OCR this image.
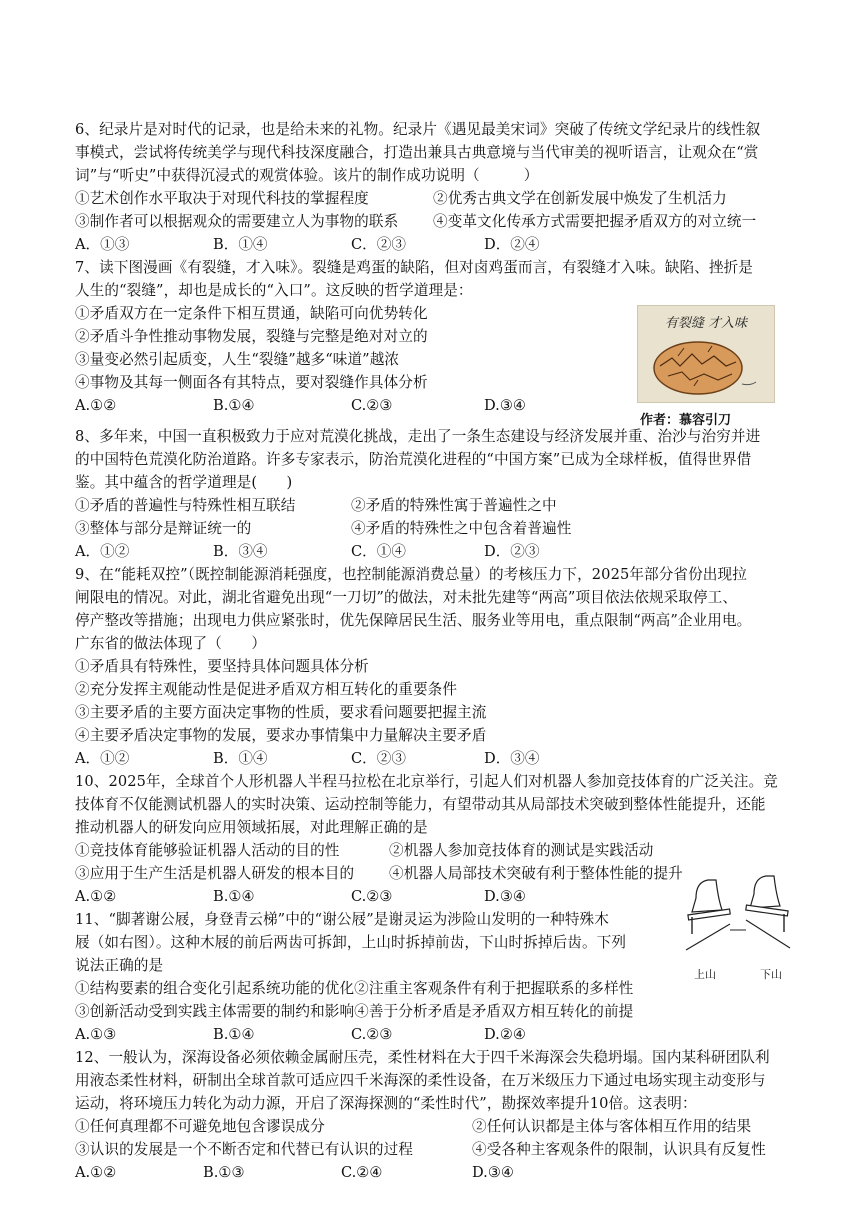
6、纪录片是对时代的记录，也是给未来的礼物。纪录片《遇见最美宋词》突破了传统文学纪录片的线性叙
事模式，尝试将传统美学与现代科技深度融合，打造出兼具古典意境与当代审美的视听语言，让观众在“赏
词”与“听史”中获得沉浸式的观赏体验。该片的制作成功说明（　　　）
①艺术创作水平取决于对现代科技的掌握程度	②优秀古典文学在创新发展中焕发了生机活力
③制作者可以根据观众的需要建立人为事物的联系 ④变革文化传承方式需要把握矛盾双方的对立统一
A．①③	B．①④	C．②③	D．②④
7、读下图漫画《有裂缝，才入味》。裂缝是鸡蛋的缺陷，但对卤鸡蛋而言，有裂缝才入味。缺陷、挫折是
人生的“裂缝”，却也是成长的“入口”。这反映的哲学道理是：
①矛盾双方在一定条件下相互贯通，缺陷可向优势转化
②矛盾斗争性推动事物发展，裂缝与完整是绝对对立的
③量变必然引起质变，人生“裂缝”越多“味道”越浓
④事物及其每一侧面各有其特点，要对裂缝作具体分析
A.①②	B.①④	C.②③	D.③④
有裂缝 才入味
作者：慕容引刀
8、多年来，中国一直积极致力于应对荒漠化挑战，走出了一条生态建设与经济发展并重、治沙与治穷并进
的中国特色荒漠化防治道路。许多专家表示，防治荒漠化进程的“中国方案”已成为全球样板，值得世界借
鉴。其中蕴含的哲学道理是(　　)
①矛盾的普遍性与特殊性相互联结	②矛盾的特殊性寓于普遍性之中
③整体与部分是辩证统一的	④矛盾的特殊性之中包含着普遍性
A．①②	B．③④	C．①④	D．②③
9、在“能耗双控”（既控制能源消耗强度，也控制能源消费总量）的考核压力下，2025年部分省份出现拉
闸限电的情况。对此，湖北省避免出现“一刀切”的做法，对未批先建等“两高”项目依法依规采取停工、
停产整改等措施；出现电力供应紧张时，优先保障居民生活、服务业等用电，重点限制“两高”企业用电。
广东省的做法体现了（　　）
①矛盾具有特殊性，要坚持具体问题具体分析
②充分发挥主观能动性是促进矛盾双方相互转化的重要条件
③主要矛盾的主要方面决定事物的性质，要求看问题要把握主流
④主要矛盾决定事物的发展，要求办事情集中力量解决主要矛盾
A．①②	B．①④	C．②③	D．③④
10、2025年，全球首个人形机器人半程马拉松在北京举行，引起人们对机器人参加竞技体育的广泛关注。竞
技体育不仅能测试机器人的实时决策、运动控制等能力，有望带动其从局部技术突破到整体性能提升，还能
推动机器人的研发向应用领域拓展，对此理解正确的是
①竞技体育能够验证机器人活动的目的性	②机器人参加竞技体育的测试是实践活动
③应用于生产生活是机器人研发的根本目的 ④机器人局部技术突破有利于整体性能的提升
A.①②	B.①④	C.②③	D.③④
11、“脚著谢公屐，身登青云梯”中的“谢公屐”是谢灵运为涉险山发明的一种特殊木
屐（如右图）。这种木屐的前后两齿可拆卸，上山时拆掉前齿，下山时拆掉后齿。下列
说法正确的是
①结构要素的组合变化引起系统功能的优化②注重主客观条件有利于把握联系的多样性
③创新活动受到实践主体需要的制约和影响④善于分析矛盾是矛盾双方相互转化的前提
A.①③	B.①④	C.②③	D.②④
上山	下山
12、一般认为，深海设备必须依赖金属耐压壳，柔性材料在大于四千米海深会失稳坍塌。国内某科研团队利
用液态柔性材料，研制出全球首款可适应四千米海深的柔性设备，在万米级压力下通过电场实现主动变形与
运动，将环境压力转化为动力源，开启了深海探测的“柔性时代”，勘探效率提升10倍。这表明：
①任何真理都不可避免地包含谬误成分	②任何认识都是主体与客体相互作用的结果
③认识的发展是一个不断否定和代替已有认识的过程	④受各种主客观条件的限制，认识具有反复性
A.①②	B.①③	C.②④	D.③④
